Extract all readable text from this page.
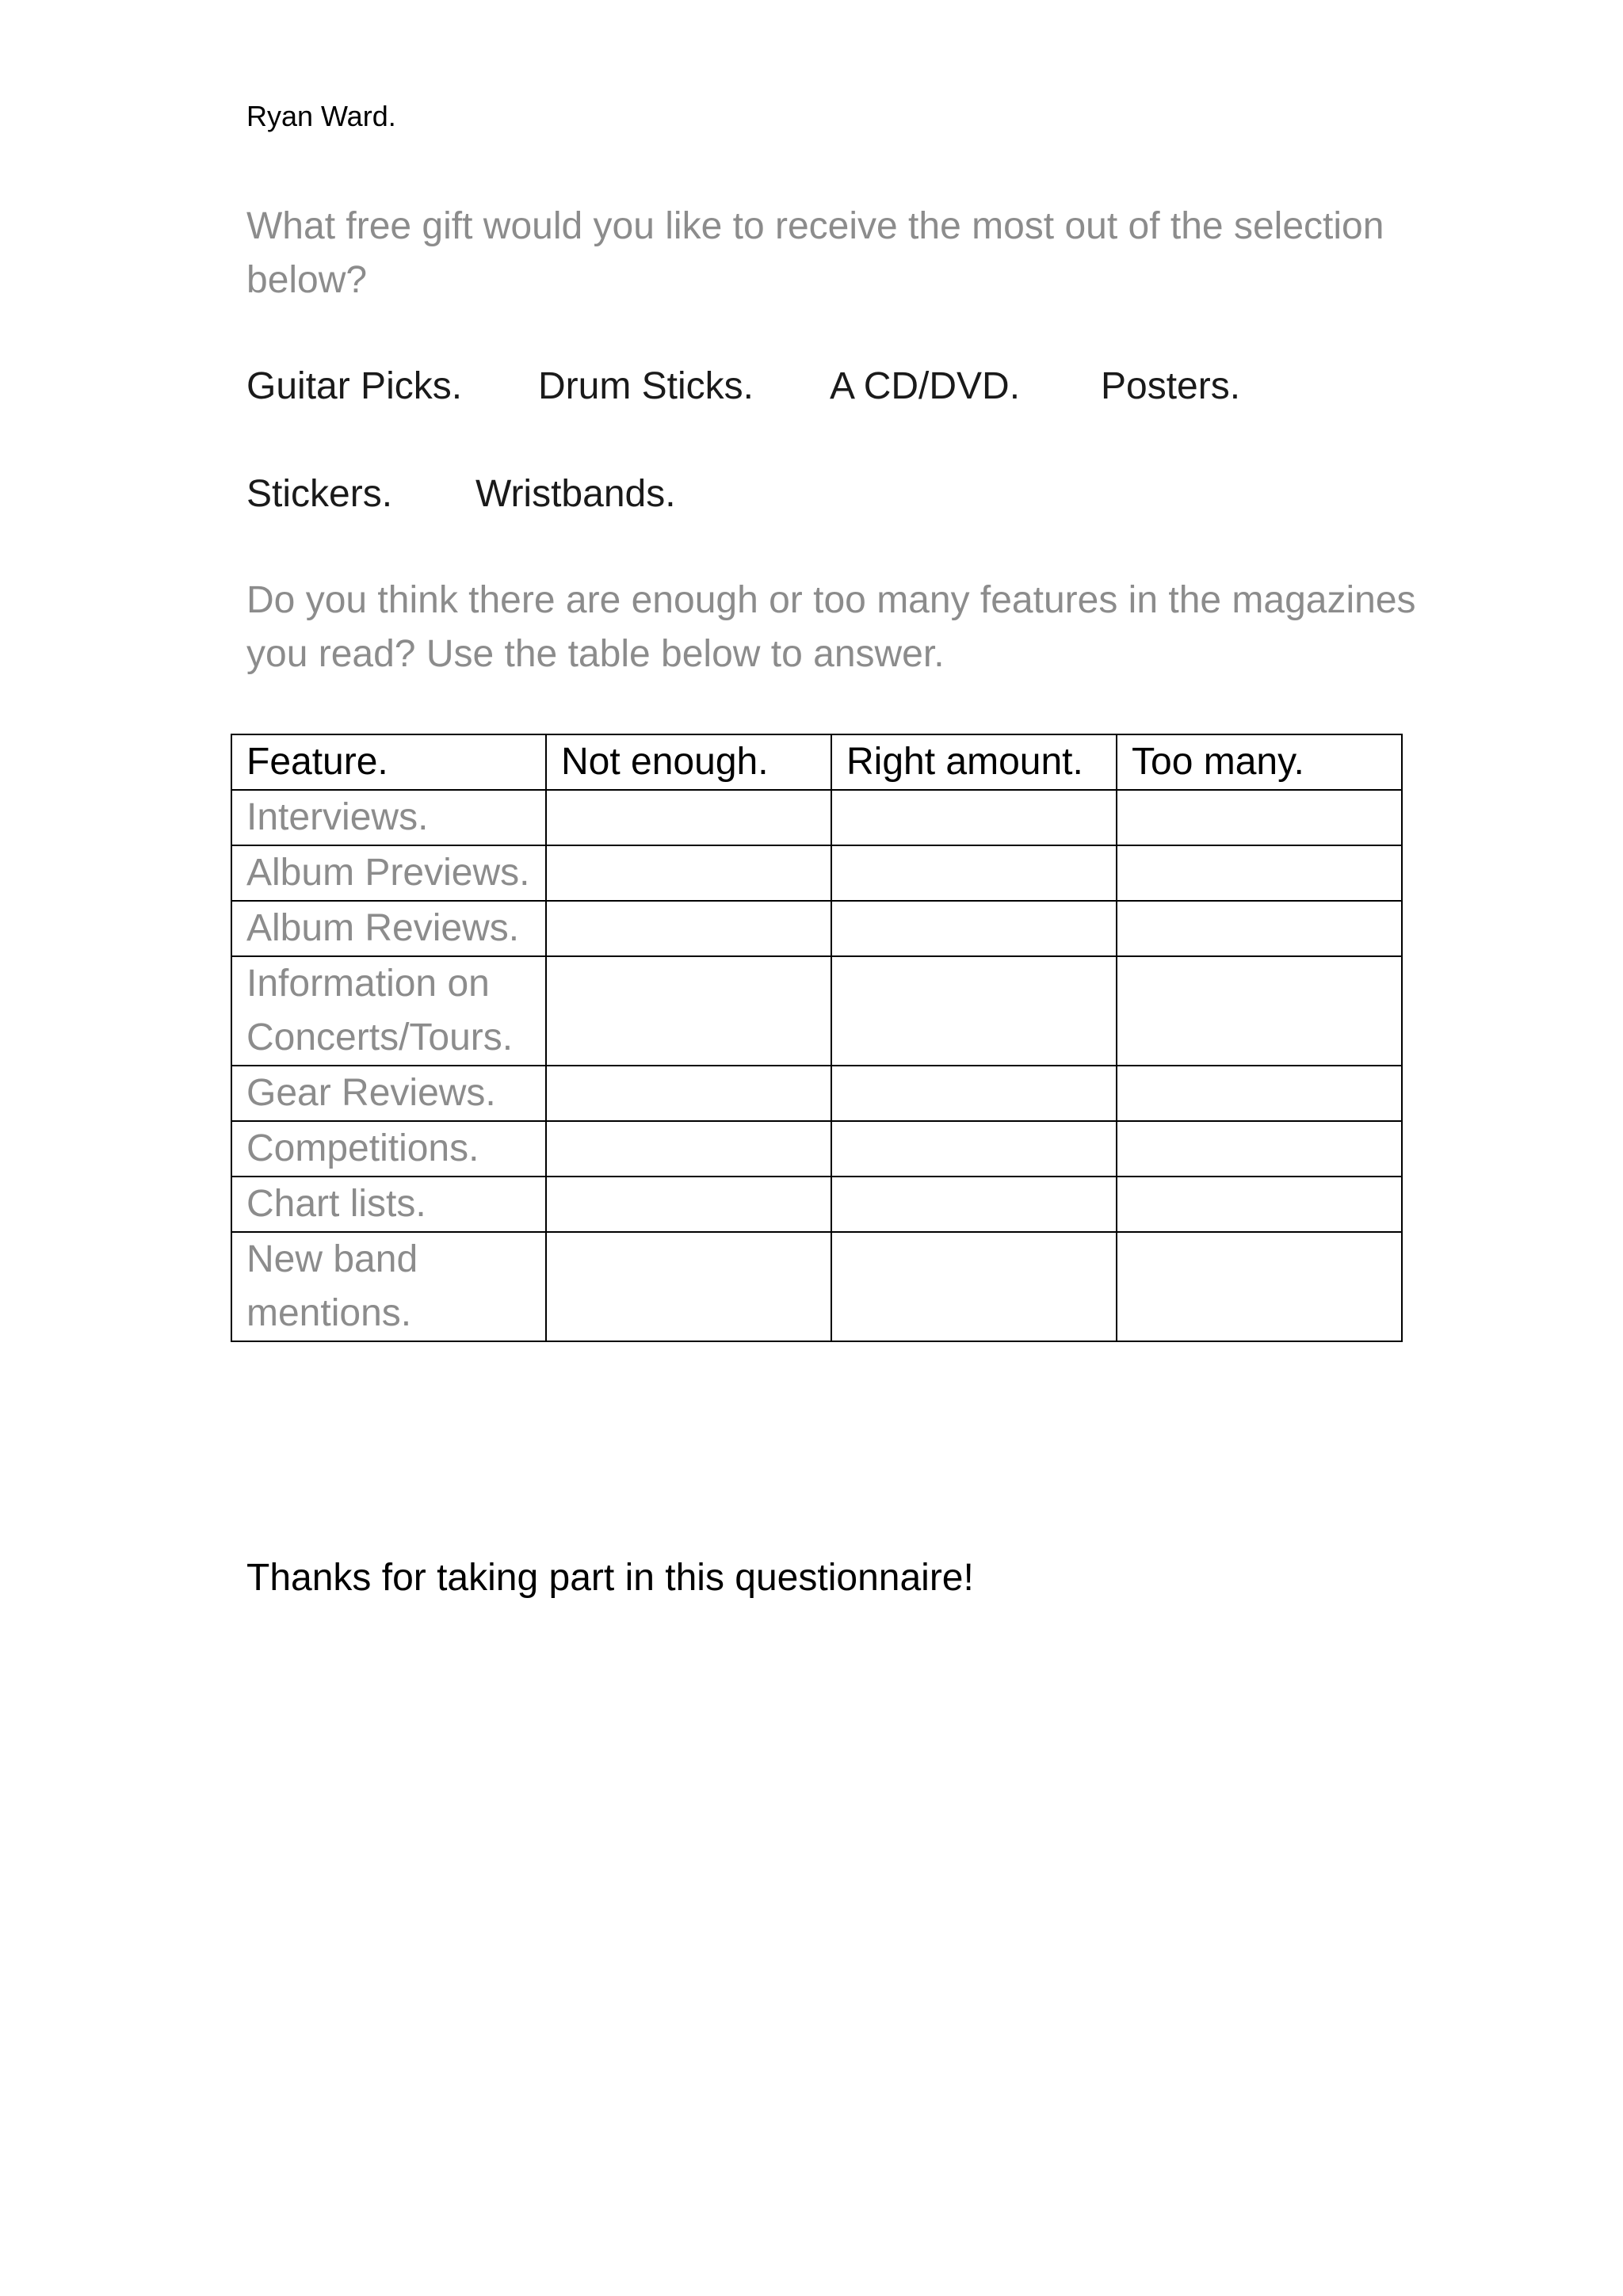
Ryan Ward.
What free gift would you like to receive the most out of the selection below?
Guitar Picks. Drum Sticks. A CD/DVD. Posters.
Stickers. Wristbands.
Do you think there are enough or too many features in the magazines you read? Use the table below to answer.
Feature.	Not enough.	Right amount.	Too many.
Interviews.			
Album Previews.			
Album Reviews.			
Information on Concerts/Tours.			
Gear Reviews.			
Competitions.			
Chart lists.			
New band mentions.			
Thanks for taking part in this questionnaire!
